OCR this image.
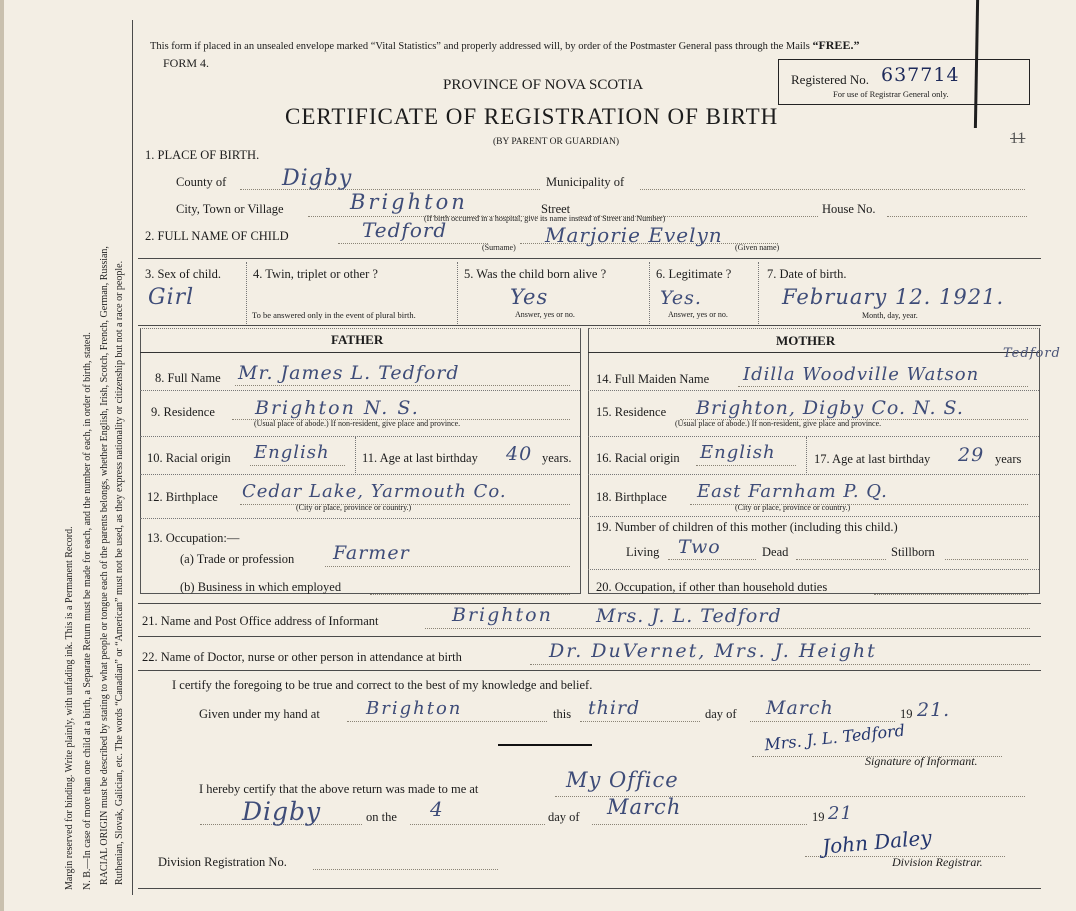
Margin reserved for binding. Write plainly, with unfading ink. This is a Permanent Record. N. B.—In case of more than one child at a birth, a Separate Return must be made for each, and the number of each, in order of birth, stated. RACIAL ORIGIN must be described by stating to what people or tongue each of the parents belongs, whether English, Irish, Scotch, French, German, Russian, Ruthenian, Slovak, Galician, etc. The words “Canadian” or “American” must not be used, as they express nationality or citizenship but not a race or people.
This form if placed in an unsealed envelope marked “Vital Statistics” and properly addressed will, by order of the Postmaster General pass through the Mails “FREE.”
FORM 4.
PROVINCE OF NOVA SCOTIA
CERTIFICATE OF REGISTRATION OF BIRTH
(BY PARENT OR GUARDIAN)
Registered No. 637714
For use of Registrar General only.
11
1. PLACE OF BIRTH.
County of	Digby	Municipality of
City, Town or Village	Brighton	Street	House No.
(If birth occurred in a hospital, give its name instead of Street and Number)
2. FULL NAME OF CHILD	Tedford
(Surname)
Marjorie Evelyn
(Given name)
3. Sex of child.
Girl
4. Twin, triplet or other ?
To be answered only in the event of plural birth.
5. Was the child born alive ?
Yes
Answer, yes or no.
6. Legitimate ?
Yes.
Answer, yes or no.
7. Date of birth.
February 12. 1921.
Month, day, year.
FATHER	MOTHER
8. Full Name Mr. James L. Tedford
9. Residence Brighton N. S.
(Usual place of abode.) If non-resident, give place and province.
10. Racial origin English	11. Age at last birthday 40 years.
12. Birthplace Cedar Lake, Yarmouth Co.
(City or place, province or country.)
13. Occupation:—
(a) Trade or profession Farmer
(b) Business in which employed
14. Full Maiden Name Idilla Woodville Watson
Tedford
15. Residence Brighton, Digby Co. N. S.
(Usual place of abode.) If non-resident, give place and province.
16. Racial origin English	17. Age at last birthday 29 years
18. Birthplace East Farnham P. Q.
(City or place, province or country.)
19. Number of children of this mother (including this child.)
Living Two	Dead	Stillborn
20. Occupation, if other than household duties
21. Name and Post Office address of Informant	Brighton Mrs. J. L. Tedford
22. Name of Doctor, nurse or other person in attendance at birth	Dr. DuVernet, Mrs. J. Height
I certify the foregoing to be true and correct to the best of my knowledge and belief.
Given under my hand at	Brighton	this third	day of March	19 21.
Mrs. J. L. Tedford
Signature of Informant.
I hereby certify that the above return was made to me at	My Office
Digby	on the 4	day of March	19 21
Division Registration No.
John Daley
Division Registrar.
